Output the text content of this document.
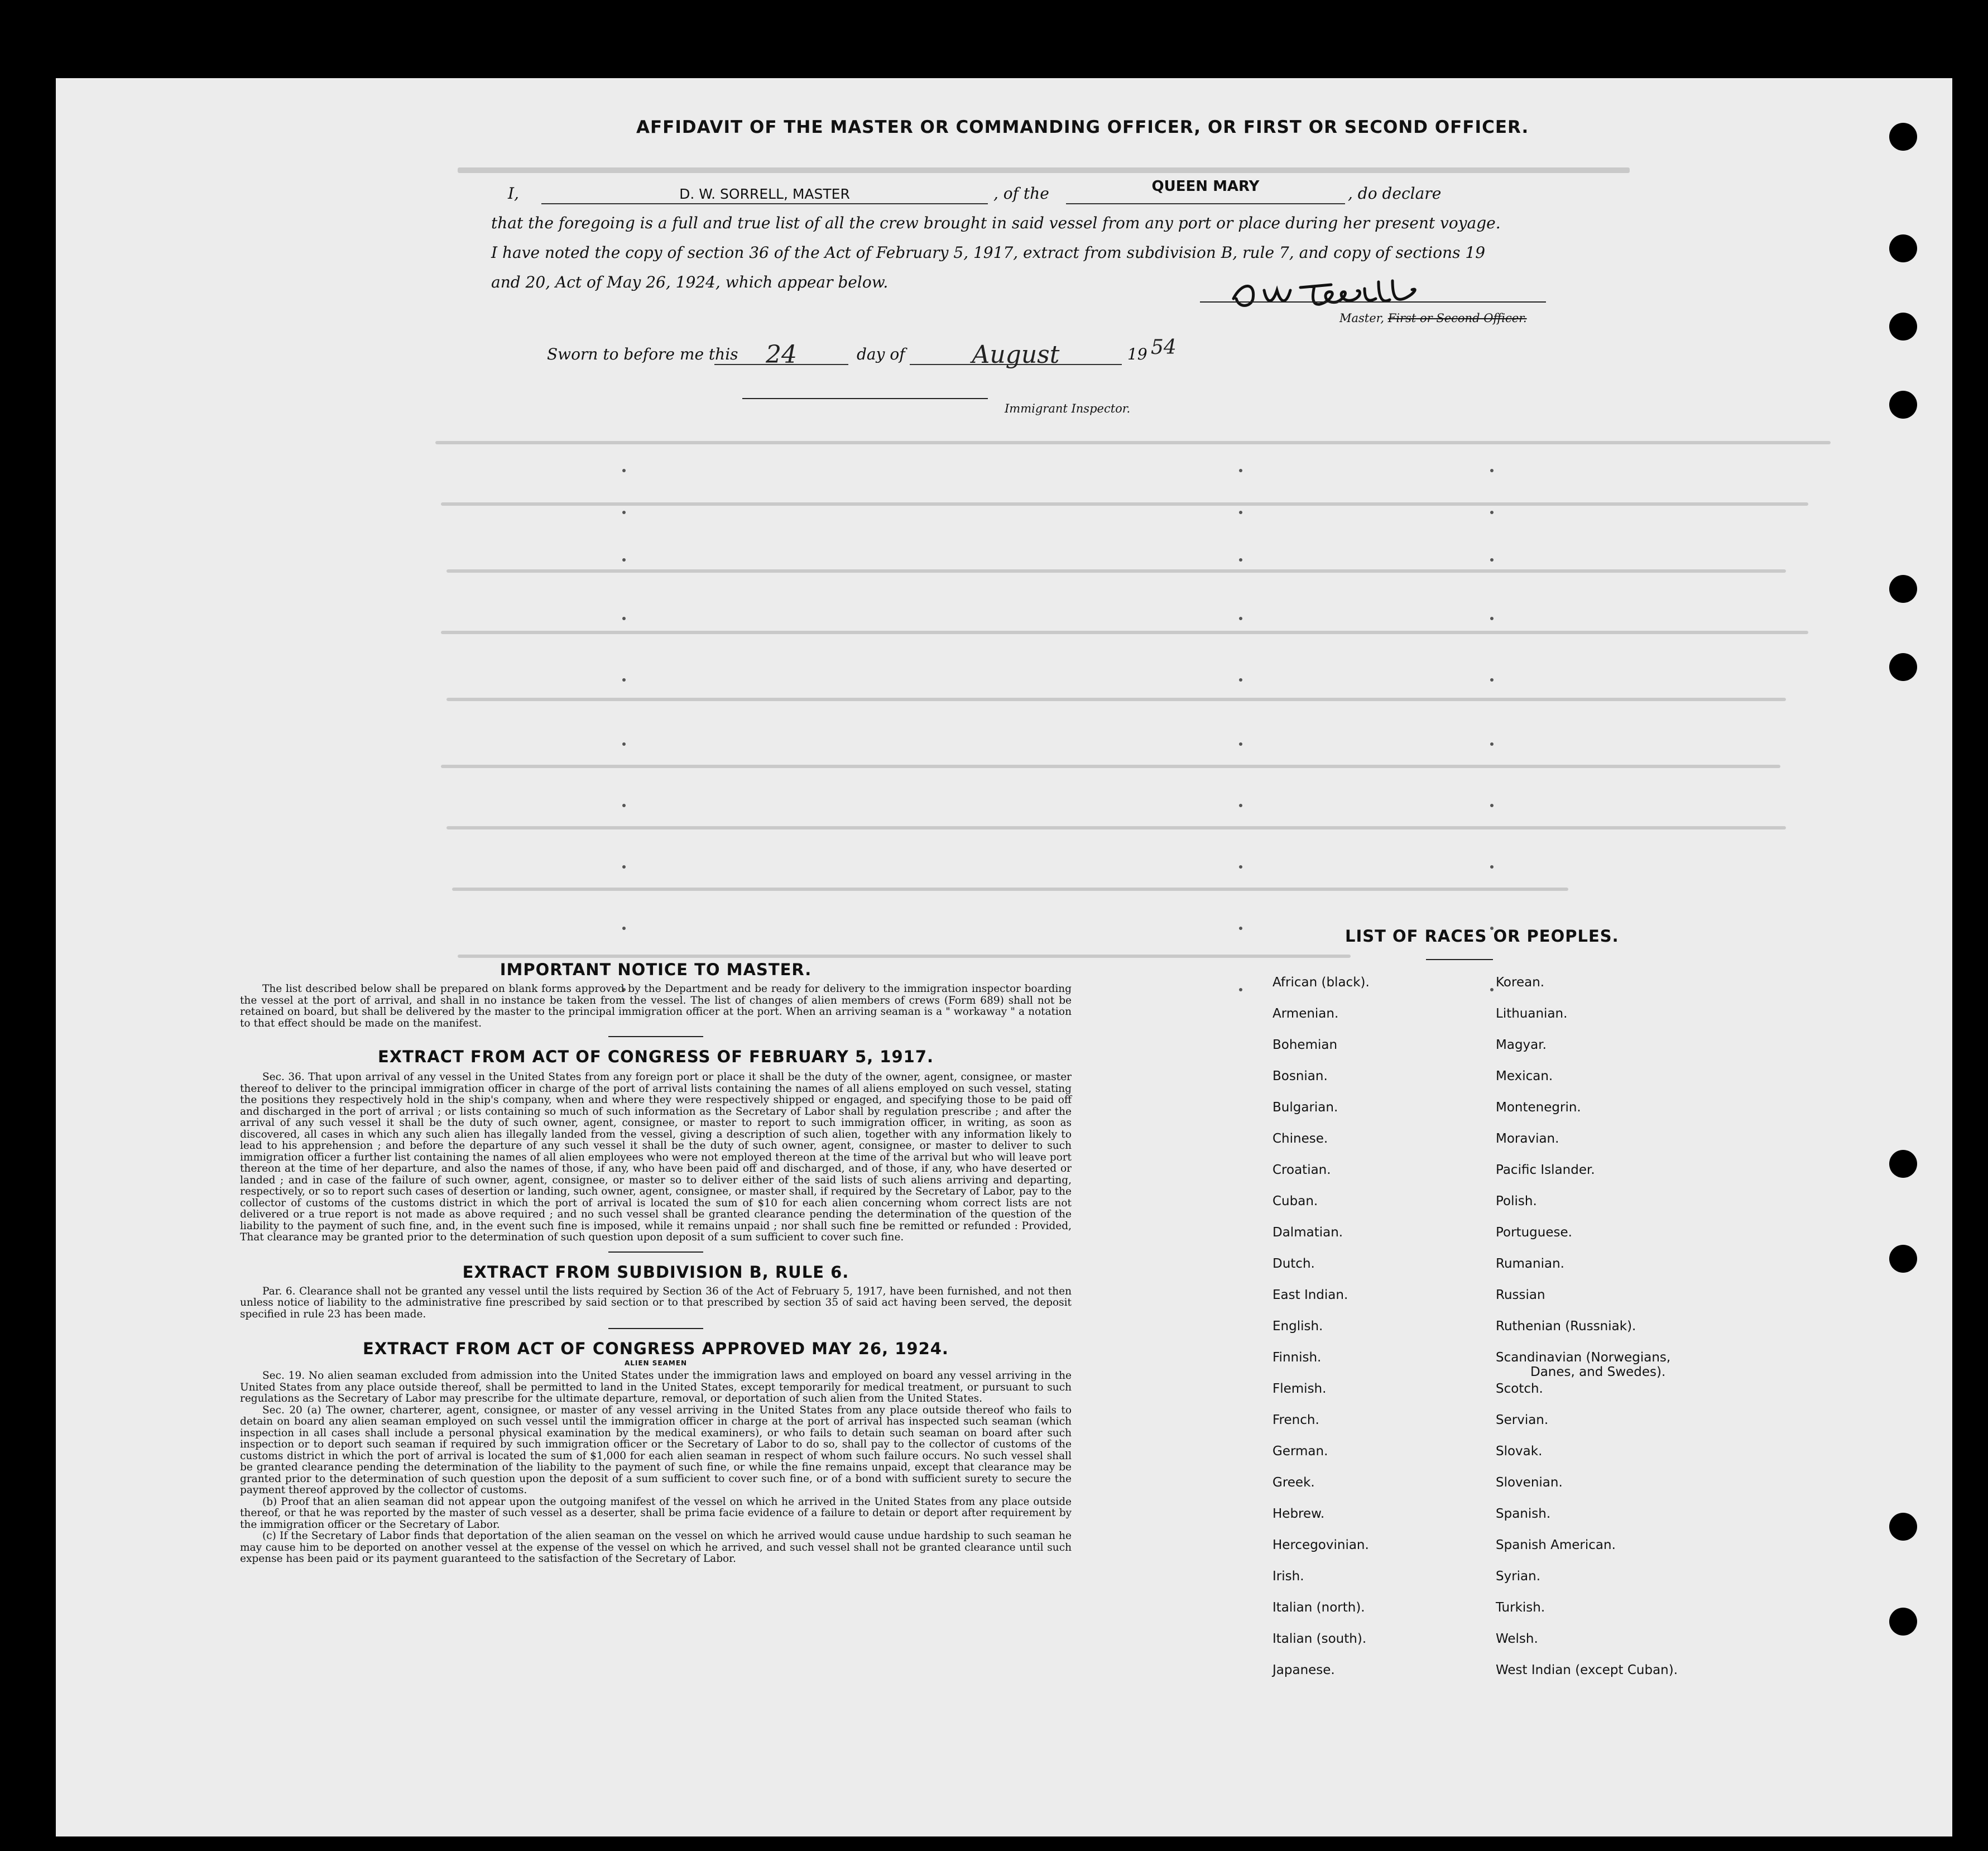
AFFIDAVIT OF THE MASTER OR COMMANDING OFFICER, OR FIRST OR SECOND OFFICER.
I,	D. W. SORRELL, MASTER	, of the	QUEEN MARY	, do declare
that the foregoing is a full and true list of all the crew brought in said vessel from any port or place during her present voyage.
I have noted the copy of section 36 of the Act of February 5, 1917, extract from subdivision B, rule 7, and copy of sections 19
and 20, Act of May 26, 1924, which appear below.
Master, First or Second Officer.
Sworn to before me this	24	day of	August	19 54
Immigrant Inspector.
IMPORTANT NOTICE TO MASTER.

The list described below shall be prepared on blank forms approved by the Department and be ready for delivery to the immigration inspector boarding the vessel at the port of arrival, and shall in no instance be taken from the vessel. The list of changes of alien members of crews (Form 689) shall not be retained on board, but shall be delivered by the master to the principal immigration officer at the port. When an arriving seaman is a " workaway " a notation to that effect should be made on the manifest.

EXTRACT FROM ACT OF CONGRESS OF FEBRUARY 5, 1917.

Sec. 36. That upon arrival of any vessel in the United States from any foreign port or place it shall be the duty of the owner, agent, consignee, or master thereof to deliver to the principal immigration officer in charge of the port of arrival lists containing the names of all aliens employed on such vessel, stating the positions they respectively hold in the ship's company, when and where they were respectively shipped or engaged, and specifying those to be paid off and discharged in the port of arrival ; or lists containing so much of such information as the Secretary of Labor shall by regulation prescribe ; and after the arrival of any such vessel it shall be the duty of such owner, agent, consignee, or master to report to such immigration officer, in writing, as soon as discovered, all cases in which any such alien has illegally landed from the vessel, giving a description of such alien, together with any information likely to lead to his apprehension ; and before the departure of any such vessel it shall be the duty of such owner, agent, consignee, or master to deliver to such immigration officer a further list containing the names of all alien employees who were not employed thereon at the time of the arrival but who will leave port thereon at the time of her departure, and also the names of those, if any, who have been paid off and discharged, and of those, if any, who have deserted or landed ; and in case of the failure of such owner, agent, consignee, or master so to deliver either of the said lists of such aliens arriving and departing, respectively, or so to report such cases of desertion or landing, such owner, agent, consignee, or master shall, if required by the Secretary of Labor, pay to the collector of customs of the customs district in which the port of arrival is located the sum of $10 for each alien concerning whom correct lists are not delivered or a true report is not made as above required ; and no such vessel shall be granted clearance pending the determination of the question of the liability to the payment of such fine, and, in the event such fine is imposed, while it remains unpaid ; nor shall such fine be remitted or refunded : Provided, That clearance may be granted prior to the determination of such question upon deposit of a sum sufficient to cover such fine.

EXTRACT FROM SUBDIVISION B, RULE 6.

Par. 6. Clearance shall not be granted any vessel until the lists required by Section 36 of the Act of February 5, 1917, have been furnished, and not then unless notice of liability to the administrative fine prescribed by said section or to that prescribed by section 35 of said act having been served, the deposit specified in rule 23 has been made.

EXTRACT FROM ACT OF CONGRESS APPROVED MAY 26, 1924.
ALIEN SEAMEN

Sec. 19. No alien seaman excluded from admission into the United States under the immigration laws and employed on board any vessel arriving in the United States from any place outside thereof, shall be permitted to land in the United States, except temporarily for medical treatment, or pursuant to such regulations as the Secretary of Labor may prescribe for the ultimate departure, removal, or deportation of such alien from the United States.

Sec. 20 (a) The owner, charterer, agent, consignee, or master of any vessel arriving in the United States from any place outside thereof who fails to detain on board any alien seaman employed on such vessel until the immigration officer in charge at the port of arrival has inspected such seaman (which inspection in all cases shall include a personal physical examination by the medical examiners), or who fails to detain such seaman on board after such inspection or to deport such seaman if required by such immigration officer or the Secretary of Labor to do so, shall pay to the collector of customs of the customs district in which the port of arrival is located the sum of $1,000 for each alien seaman in respect of whom such failure occurs. No such vessel shall be granted clearance pending the determination of the liability to the payment of such fine, or while the fine remains unpaid, except that clearance may be granted prior to the determination of such question upon the deposit of a sum sufficient to cover such fine, or of a bond with sufficient surety to secure the payment thereof approved by the collector of customs.

(b) Proof that an alien seaman did not appear upon the outgoing manifest of the vessel on which he arrived in the United States from any place outside thereof, or that he was reported by the master of such vessel as a deserter, shall be prima facie evidence of a failure to detain or deport after requirement by the immigration officer or the Secretary of Labor.

(c) If the Secretary of Labor finds that deportation of the alien seaman on the vessel on which he arrived would cause undue hardship to such seaman he may cause him to be deported on another vessel at the expense of the vessel on which he arrived, and such vessel shall not be granted clearance until such expense has been paid or its payment guaranteed to the satisfaction of the Secretary of Labor.

LIST OF RACES OR PEOPLES.
African (black).
Armenian.
Bohemian
Bosnian.
Bulgarian.
Chinese.
Croatian.
Cuban.
Dalmatian.
Dutch.
East Indian.
English.
Finnish.
Flemish.
French.
German.
Greek.
Hebrew.
Hercegovinian.
Irish.
Italian (north).
Italian (south).
Japanese.
Korean.
Lithuanian.
Magyar.
Mexican.
Montenegrin.
Moravian.
Pacific Islander.
Polish.
Portuguese.
Rumanian.
Russian
Ruthenian (Russniak).
Scandinavian (Norwegians,
Danes, and Swedes).
Scotch.
Servian.
Slovak.
Slovenian.
Spanish.
Spanish American.
Syrian.
Turkish.
Welsh.
West Indian (except Cuban).
